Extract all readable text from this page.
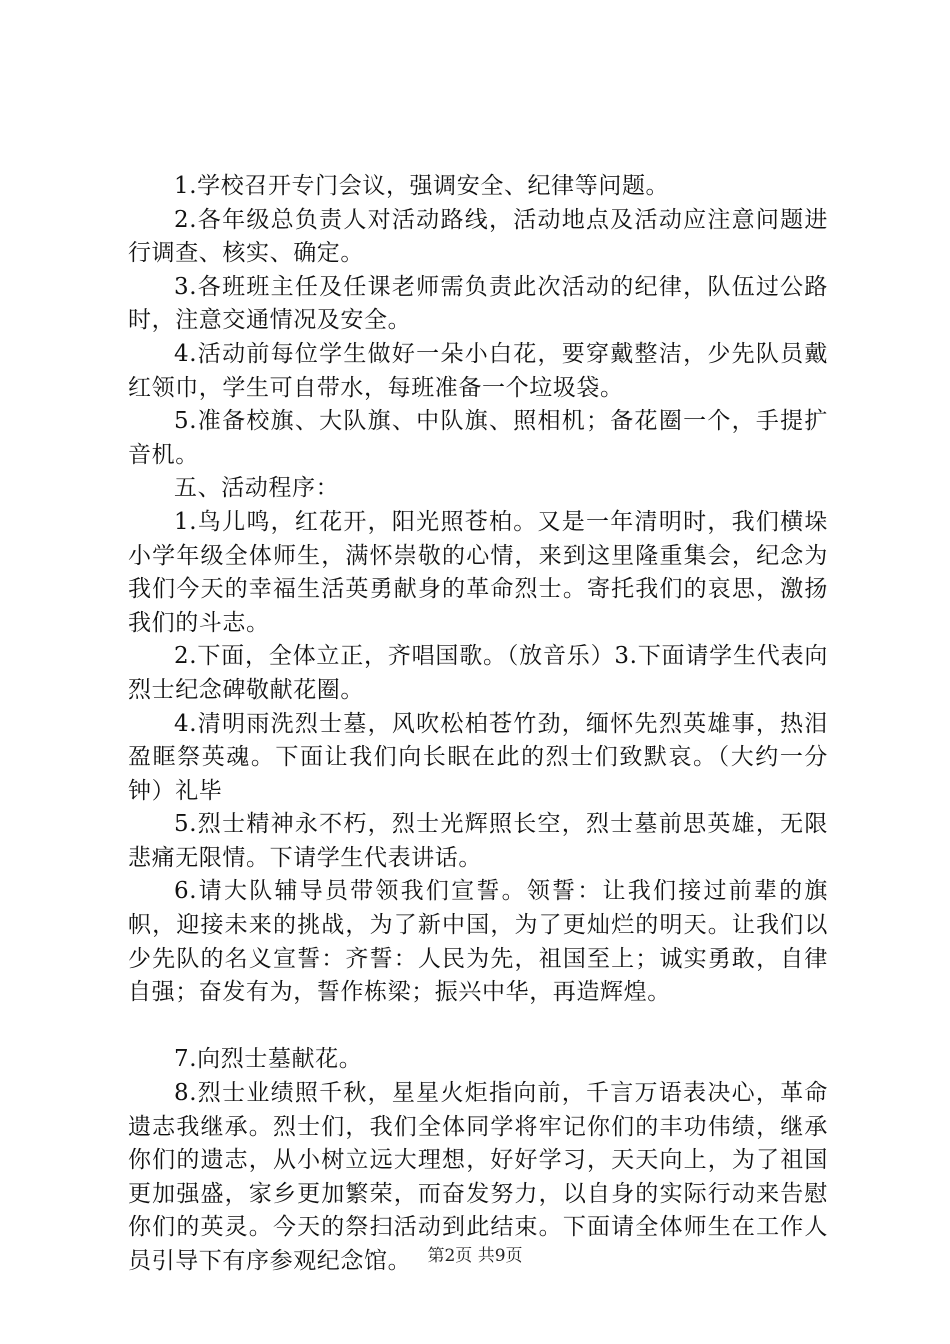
1.学校召开专门会议，强调安全、纪律等问题。

2.各年级总负责人对活动路线，活动地点及活动应注意问题进行调查、核实、确定。

3.各班班主任及任课老师需负责此次活动的纪律，队伍过公路时，注意交通情况及安全。

4.活动前每位学生做好一朵小白花，要穿戴整洁，少先队员戴红领巾，学生可自带水，每班准备一个垃圾袋。

5.准备校旗、大队旗、中队旗、照相机；备花圈一个，手提扩音机。

五、活动程序：

1.鸟儿鸣，红花开，阳光照苍柏。又是一年清明时，我们横垛小学年级全体师生，满怀崇敬的心情，来到这里隆重集会，纪念为我们今天的幸福生活英勇献身的革命烈士。寄托我们的哀思，激扬我们的斗志。

2.下面，全体立正，齐唱国歌。（放音乐）3.下面请学生代表向烈士纪念碑敬献花圈。

4.清明雨洗烈士墓，风吹松柏苍竹劲，缅怀先烈英雄事，热泪盈眶祭英魂。下面让我们向长眠在此的烈士们致默哀。（大约一分钟）礼毕

5.烈士精神永不朽，烈士光辉照长空，烈士墓前思英雄，无限悲痛无限情。下请学生代表讲话。

6.请大队辅导员带领我们宣誓。领誓：让我们接过前辈的旗帜，迎接未来的挑战，为了新中国，为了更灿烂的明天。让我们以少先队的名义宣誓：齐誓：人民为先，祖国至上；诚实勇敢，自律自强；奋发有为，誓作栋梁；振兴中华，再造辉煌。

7.向烈士墓献花。

8.烈士业绩照千秋，星星火炬指向前，千言万语表决心，革命遗志我继承。烈士们，我们全体同学将牢记你们的丰功伟绩，继承你们的遗志，从小树立远大理想，好好学习，天天向上，为了祖国更加强盛，家乡更加繁荣，而奋发努力，以自身的实际行动来告慰你们的英灵。今天的祭扫活动到此结束。下面请全体师生在工作人员引导下有序参观纪念馆。 第2页 共9页
